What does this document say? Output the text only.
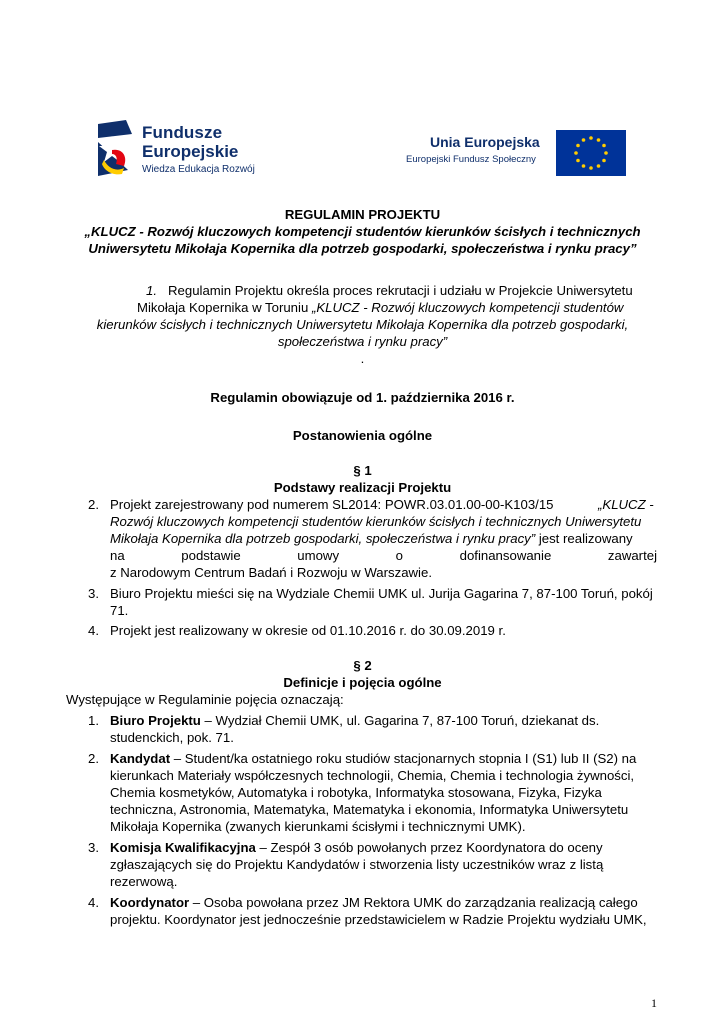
Fundusze
Europejskie
Wiedza Edukacja Rozwój
Unia Europejska
Europejski Fundusz Społeczny
REGULAMIN PROJEKTU
„KLUCZ - Rozwój kluczowych kompetencji studentów kierunków ścisłych i technicznych
Uniwersytetu Mikołaja Kopernika dla potrzeb gospodarki, społeczeństwa i rynku pracy”
1. Regulamin Projektu określa proces rekrutacji i udziału w Projekcie Uniwersytetu
Mikołaja Kopernika w Toruniu „KLUCZ - Rozwój kluczowych kompetencji studentów
kierunków ścisłych i technicznych Uniwersytetu Mikołaja Kopernika dla potrzeb gospodarki,
społeczeństwa i rynku pracy”
.
Regulamin obowiązuje od 1. października 2016 r.
Postanowienia ogólne
§ 1
Podstawy realizacji Projektu
2. Projekt zarejestrowany pod numerem SL2014: POWR.03.01.00-00-K103/15	„KLUCZ -
Rozwój kluczowych kompetencji studentów kierunków ścisłych i technicznych Uniwersytetu
Mikołaja Kopernika dla potrzeb gospodarki, społeczeństwa i rynku pracy” jest realizowany
na	podstawie	umowy	o	dofinansowanie	zawartej
z Narodowym Centrum Badań i Rozwoju w Warszawie.
3. Biuro Projektu mieści się na Wydziale Chemii UMK ul. Jurija Gagarina 7, 87-100 Toruń, pokój
71.
4. Projekt jest realizowany w okresie od 01.10.2016 r. do 30.09.2019 r.
§ 2
Definicje i pojęcia ogólne
Występujące w Regulaminie pojęcia oznaczają:
1. Biuro Projektu – Wydział Chemii UMK, ul. Gagarina 7, 87-100 Toruń, dziekanat ds.
studenckich, pok. 71.
2. Kandydat – Student/ka ostatniego roku studiów stacjonarnych stopnia I (S1) lub II (S2) na
kierunkach Materiały współczesnych technologii, Chemia, Chemia i technologia żywności,
Chemia kosmetyków, Automatyka i robotyka, Informatyka stosowana, Fizyka, Fizyka
techniczna, Astronomia, Matematyka, Matematyka i ekonomia, Informatyka Uniwersytetu
Mikołaja Kopernika (zwanych kierunkami ścisłymi i technicznymi UMK).
3. Komisja Kwalifikacyjna – Zespół 3 osób powołanych przez Koordynatora do oceny
zgłaszających się do Projektu Kandydatów i stworzenia listy uczestników wraz z listą
rezerwową.
4. Koordynator – Osoba powołana przez JM Rektora UMK do zarządzania realizacją całego
projektu. Koordynator jest jednocześnie przedstawicielem w Radzie Projektu wydziału UMK,
1
